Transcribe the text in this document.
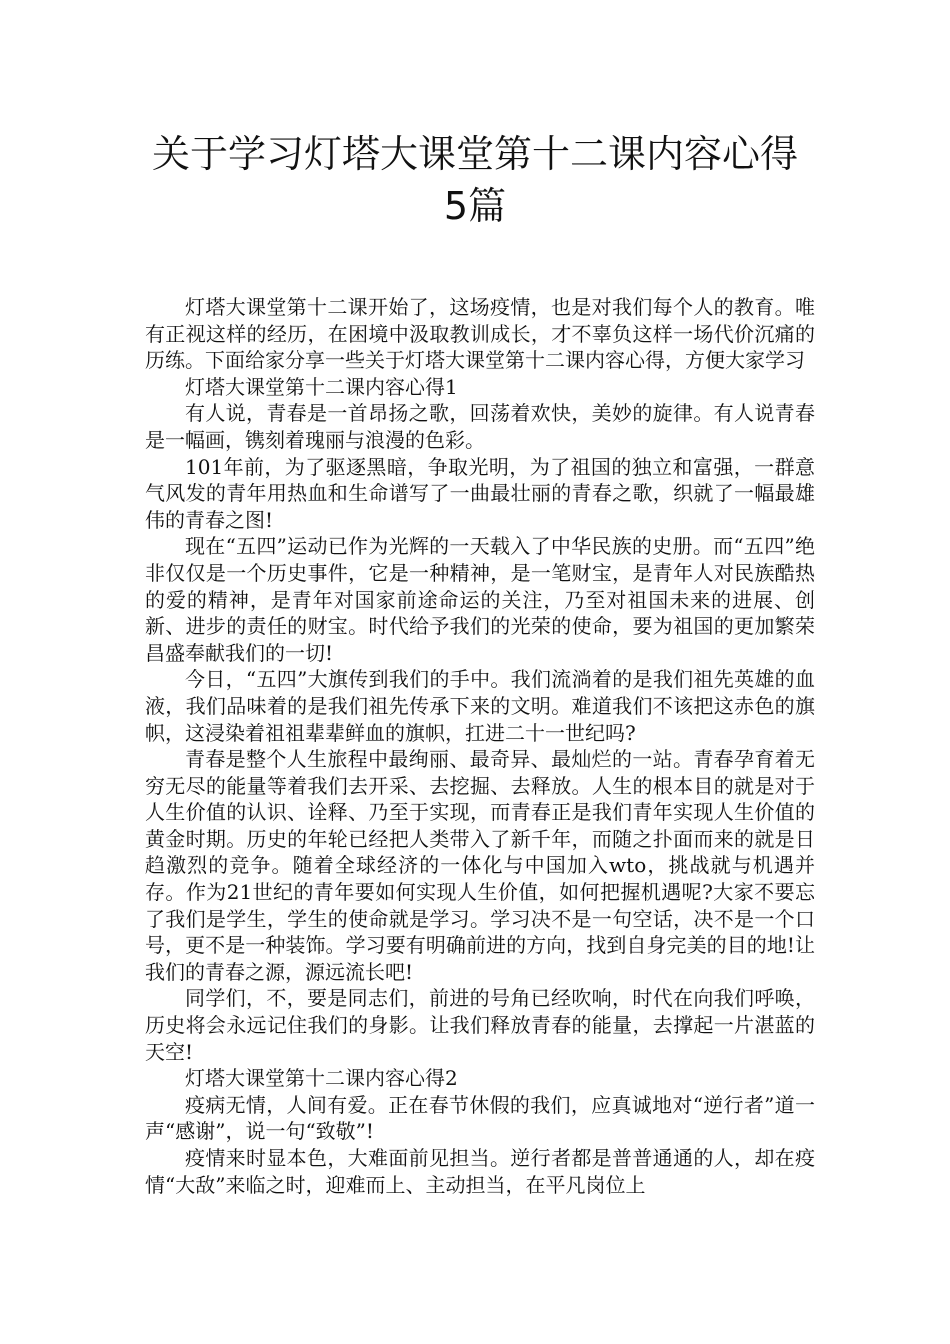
关于学习灯塔大课堂第十二课内容心得
5篇

灯塔大课堂第十二课开始了，这场疫情，也是对我们每个人的教育。唯有正视这样的经历，在困境中汲取教训成长，才不辜负这样一场代价沉痛的历练。下面给家分享一些关于灯塔大课堂第十二课内容心得，方便大家学习

灯塔大课堂第十二课内容心得1

有人说，青春是一首昂扬之歌，回荡着欢快，美妙的旋律。有人说青春是一幅画，镌刻着瑰丽与浪漫的色彩。

101年前，为了驱逐黑暗，争取光明，为了祖国的独立和富强，一群意气风发的青年用热血和生命谱写了一曲最壮丽的青春之歌，织就了一幅最雄伟的青春之图!

现在“五四”运动已作为光辉的一天载入了中华民族的史册。而“五四”绝非仅仅是一个历史事件，它是一种精神，是一笔财宝，是青年人对民族酷热的爱的精神，是青年对国家前途命运的关注，乃至对祖国未来的进展、创新、进步的责任的财宝。时代给予我们的光荣的使命，要为祖国的更加繁荣昌盛奉献我们的一切!

今日，“五四”大旗传到我们的手中。我们流淌着的是我们祖先英雄的血液，我们品味着的是我们祖先传承下来的文明。难道我们不该把这赤色的旗帜，这浸染着祖祖辈辈鲜血的旗帜，扛进二十一世纪吗?

青春是整个人生旅程中最绚丽、最奇异、最灿烂的一站。青春孕育着无穷无尽的能量等着我们去开采、去挖掘、去释放。人生的根本目的就是对于人生价值的认识、诠释、乃至于实现，而青春正是我们青年实现人生价值的黄金时期。历史的年轮已经把人类带入了新千年，而随之扑面而来的就是日趋激烈的竞争。随着全球经济的一体化与中国加入wto，挑战就与机遇并存。作为21世纪的青年要如何实现人生价值，如何把握机遇呢?大家不要忘了我们是学生，学生的使命就是学习。学习决不是一句空话，决不是一个口号，更不是一种装饰。学习要有明确前进的方向，找到自身完美的目的地!让我们的青春之源，源远流长吧!

同学们，不，要是同志们，前进的号角已经吹响，时代在向我们呼唤，历史将会永远记住我们的身影。让我们释放青春的能量，去撑起一片湛蓝的天空!

灯塔大课堂第十二课内容心得2

疫病无情，人间有爱。正在春节休假的我们，应真诚地对“逆行者”道一声“感谢”，说一句“致敬”!

疫情来时显本色，大难面前见担当。逆行者都是普普通通的人，却在疫情“大敌”来临之时，迎难而上、主动担当，在平凡岗位上
